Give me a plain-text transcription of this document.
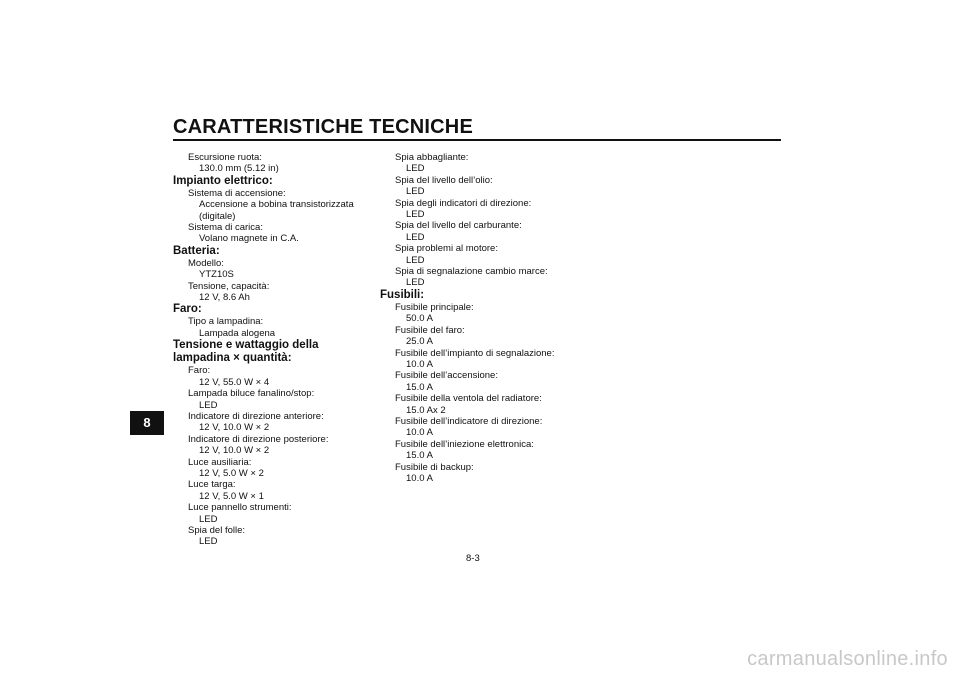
CARATTERISTICHE TECNICHE
8
Escursione ruota:
130.0 mm (5.12 in)
Impianto elettrico:
Sistema di accensione:
Accensione a bobina transistorizzata (digitale)
Sistema di carica:
Volano magnete in C.A.
Batteria:
Modello:
YTZ10S
Tensione, capacità:
12 V, 8.6 Ah
Faro:
Tipo a lampadina:
Lampada alogena
Tensione e wattaggio della lampadina × quantità:
Faro:
12 V, 55.0 W × 4
Lampada biluce fanalino/stop:
LED
Indicatore di direzione anteriore:
12 V, 10.0 W × 2
Indicatore di direzione posteriore:
12 V, 10.0 W × 2
Luce ausiliaria:
12 V, 5.0 W × 2
Luce targa:
12 V, 5.0 W × 1
Luce pannello strumenti:
LED
Spia del folle:
LED
Spia abbagliante:
LED
Spia del livello dell’olio:
LED
Spia degli indicatori di direzione:
LED
Spia del livello del carburante:
LED
Spia problemi al motore:
LED
Spia di segnalazione cambio marce:
LED
Fusibili:
Fusibile principale:
50.0 A
Fusibile del faro:
25.0 A
Fusibile dell’impianto di segnalazione:
10.0 A
Fusibile dell’accensione:
15.0 A
Fusibile della ventola del radiatore:
15.0 Ax 2
Fusibile dell’indicatore di direzione:
10.0 A
Fusibile dell’iniezione elettronica:
15.0 A
Fusibile di backup:
10.0 A
8-3
carmanualsonline.info
